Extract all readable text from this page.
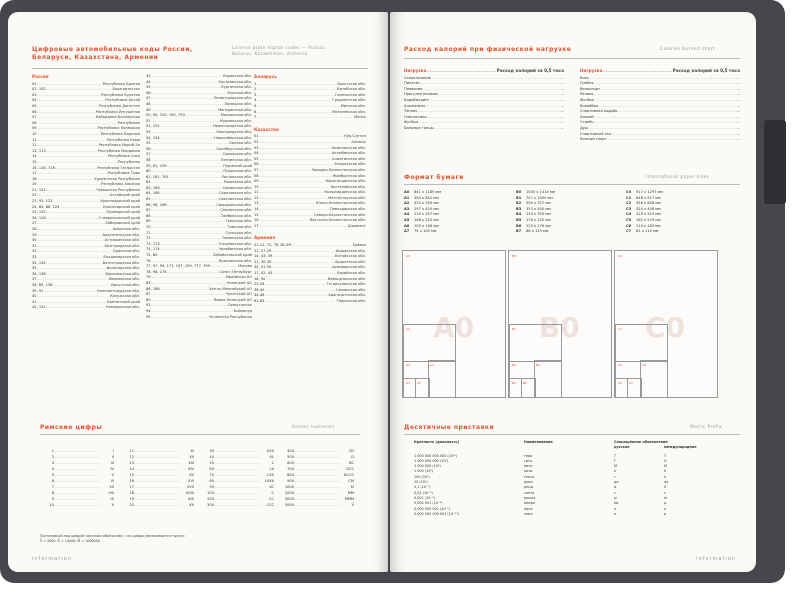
Цифровые автомобильные коды России,
Беларуси, Казахстана, Армении
License plate digital codes — Russia,
Belarus, Kazakhstan, Armenia
Россия
01 .....	Республика Адыгея
02, 102 .....	Башкортостан
03 .....	Республика Бурятия
04 .....	Республика Алтай
05 .....	Республика Дагестан
06 .....	Республика Ингушетия
07 .....	Кабардино-Балкарская
08 .....	Республика
09 .....	Республика Калмыкия
10 .....	Республика Карелия
11 .....	Республика Коми
12 .....	Республика Марий Эл
13, 113 .....	Республика Мордовия
14 .....	Республика Саха
15 .....	Республика
16, 116, 716 .....	Республика Татарстан
17 .....	Республика Тыва
18 .....	Удмуртская Республика
19 .....	Республика Хакасия
21, 121 .....	Чувашская Республика
22 .....	Алтайский край
23, 93, 123 .....	Краснодарский край
24, 84, 88, 124 .....	Красноярский край
25, 125 .....	Приморский край
26, 126 .....	Ставропольский край
27 .....	Хабаровский край
28 .....	Амурская обл.
29 .....	Архангельская обл.
30 .....	Астраханская обл.
31 .....	Белгородская обл.
32 .....	Брянская обл.
33 .....	Владимирская обл.
34, 134 .....	Волгоградская обл.
35 .....	Вологодская обл.
36, 136 .....	Воронежская обл.
37 .....	Ивановская обл.
38, 85, 138 .....	Иркутская обл.
39, 91 .....	Калининградская обл.
40 .....	Калужская обл.
41 .....	Камчатский край
42, 142 .....	Кемеровская обл.
43 .....	Кировская обл.
44 .....	Костромская обл.
45 .....	Курганская обл.
46 .....	Курская обл.
47 .....	Ленинградская обл.
48 .....	Липецкая обл.
49 .....	Магаданская обл.
50, 90, 150, 190, 750 .....	Московская обл.
51 .....	Мурманская обл.
52, 152 .....	Нижегородская обл.
53 .....	Новгородская обл.
54, 154 .....	Новосибирская обл.
55 .....	Омская обл.
56 .....	Оренбургская обл.
57 .....	Орловская обл.
58 .....	Пензенская обл.
59, 81, 159 .....	Пермский край
60 .....	Псковская обл.
61, 161, 761 .....	Ростовская обл.
62 .....	Рязанская обл.
63, 163 .....	Самарская обл.
64, 164 .....	Саратовская обл.
65 .....	Сахалинская обл.
66, 96, 196 .....	Свердловская обл.
67 .....	Смоленская обл.
68 .....	Тамбовская обл.
69 .....	Тверская обл.
70 .....	Томская обл.
71 .....	Тульская обл.
72 .....	Тюменская обл.
73, 173 .....	Ульяновская обл.
74, 174 .....	Челябинская обл.
75, 80 .....	Забайкальский край
76 .....	Ярославская обл.
77, 97, 99, 177, 197, 199, 777, 799 .....	Москва
78, 98, 178 .....	Санкт-Петербург
79 .....	Еврейская АО
83 .....	Ненецкий АО
86, 186 .....	Ханты-Мансийский АО
87 .....	Чукотский АО
89 .....	Ямало-Ненецкий АО
92 .....	Севастополь
94 .....	Байконур
95 .....	Чеченская Республика
Беларусь
1 .....	Брестская обл.
2 .....	Витебская обл.
3 .....	Гомельская обл.
4 .....	Гродненская обл.
5 .....	Минская обл.
6 .....	Могилёвская обл.
7 .....	Минск
Казахстан
01 .....	Нур-Султан
02 .....	Алматы
03 .....	Акмолинская обл.
04 .....	Актюбинская обл.
05 .....	Алматинская обл.
06 .....	Атырауская обл.
07 .....	Западно-Казахстанская обл.
08 .....	Жамбылская обл.
09 .....	Карагандинская обл.
10 .....	Костанайская обл.
11 .....	Кызылординская обл.
12 .....	Мангистауская обл.
13 .....	Южно-Казахстанская обл.
14 .....	Павлодарская обл.
15 .....	Северо-Казахстанская обл.
16 .....	Восточно-Казахстанская обл.
17 .....	Шымкент
Армения
01-11, 72, 78, 81-99 .....	Ереван
12, 27-29 .....	Ширакская обл.
14, 43, 49 .....	Котайкская обл.
21, 30-35 .....	Араратская обл.
34, 51-59 .....	Армавирская обл.
17, 42, 43 .....	Лорийская обл.
18, 50 .....	Вайоцдзорская обл.
25-26 .....	Гегаркуникская обл.
36-40 .....	Сюникская обл.
44-48 .....	Арагацотнская обл.
61-63 .....	Тавушская обл.
Римские цифры	Roman numerals
1 .....	I
2 .....	II
3 .....	III
4 .....	IV
5 .....	V
6 .....	VI
7 .....	VII
8 .....	VIII
9 .....	IX
10 .....	X
11 .....	XI
12 .....	XII
13 .....	XIII
14 .....	XIV
15 .....	XV
16 .....	XVI
17 .....	XVII
18 .....	XVIII
19 .....	XIX
20 .....	XX
30 .....	XXX
40 .....	XL
50 .....	L
60 .....	LX
70 .....	LXX
80 .....	LXXX
90 .....	XC
100 .....	C
200 .....	CC
300 .....	CCC
400 .....	CD
500 .....	D
600 .....	DC
700 .....	DCC
800 .....	DCCC
900 .....	CM
1000 .....	M
2000 .....	MM
3000 .....	MMM
5000 .....	V̅
Постановкой над цифрой черточки обозначают, что цифра увеличивается тысячу:
V̅ = 5000; X̅ = 10000; M̅ = 1000000
information
Расход калорий при физической нагрузке	Calories burned chart
Нагрузка .....	Расход калорий за 0,5 часа
Скалолазание .....	...
Пилатес .....	...
Плавание .....	...
Прогулка пешком .....	...
Бодибилдинг .....	...
Альпинизм .....	...
Теннис .....	...
Гимнастика .....	...
Футбол .....	...
Бальные танцы .....	...
Нагрузка .....	Расход калорий за 0,5 часа
Бокс .....	...
Гребля .....	...
Велоспорт .....	...
Ролики .....	...
Футбол .....	...
Волейбол .....	...
Спортивная ходьба .....	...
Хоккей .....	...
Стрейч .....	...
Душ .....	...
Спортивный зал .....	...
Конный спорт .....	...
Формат бумаги	International paper sizes
A0	841 x 1189 мм
A1	594 x 841 мм
A2	420 x 594 мм
A3	297 x 420 мм
A4	210 x 297 мм
A5	148 x 210 мм
A6	105 x 148 мм
A7	74 x 105 мм
B0	1000 x 1414 мм
B1	707 x 1000 мм
B2	500 x 707 мм
B3	353 x 500 мм
B4	250 x 353 мм
B5	176 x 250 мм
B6	125 x 176 мм
B7	88 x 125 мм
C0	917 x 1297 мм
C1	648 x 917 мм
C2	458 x 648 мм
C3	324 x 458 мм
C4	229 x 324 мм
C5	162 x 229 мм
C6	114 x 162 мм
C7	81 x 114 мм
A0
A0
A1
A2
A3
A4 A5
B0
B0
B1
B2
B3
B4 B5
C0
C0
C1
C2
C3
C4 C5
Десятичные приставки	Metric Prefix
Кратность (дольность)	Наименование	Сокращённое обозначение
русское	международное
1 000 000 000 000 (10¹²)	тера	Т	T
1 000 000 000 (10⁹)	гига	Г	G
1 000 000 (10⁶)	мега	М	M
1 000 (10³)	кило	к	k
100 (10²)	гекто	г	h
10 (10¹)	дека	да	da
0,1 (10⁻¹)	деци	д	d
0,01 (10⁻²)	санти	с	c
0,001 (10⁻³)	милли	м	m
0,000 001 (10⁻⁶)	микро	мк	μ
0,000 000 001 (10⁻⁹)	нано	н	n
0,000 000 000 001 (10⁻¹²)	пико	п	p
information
